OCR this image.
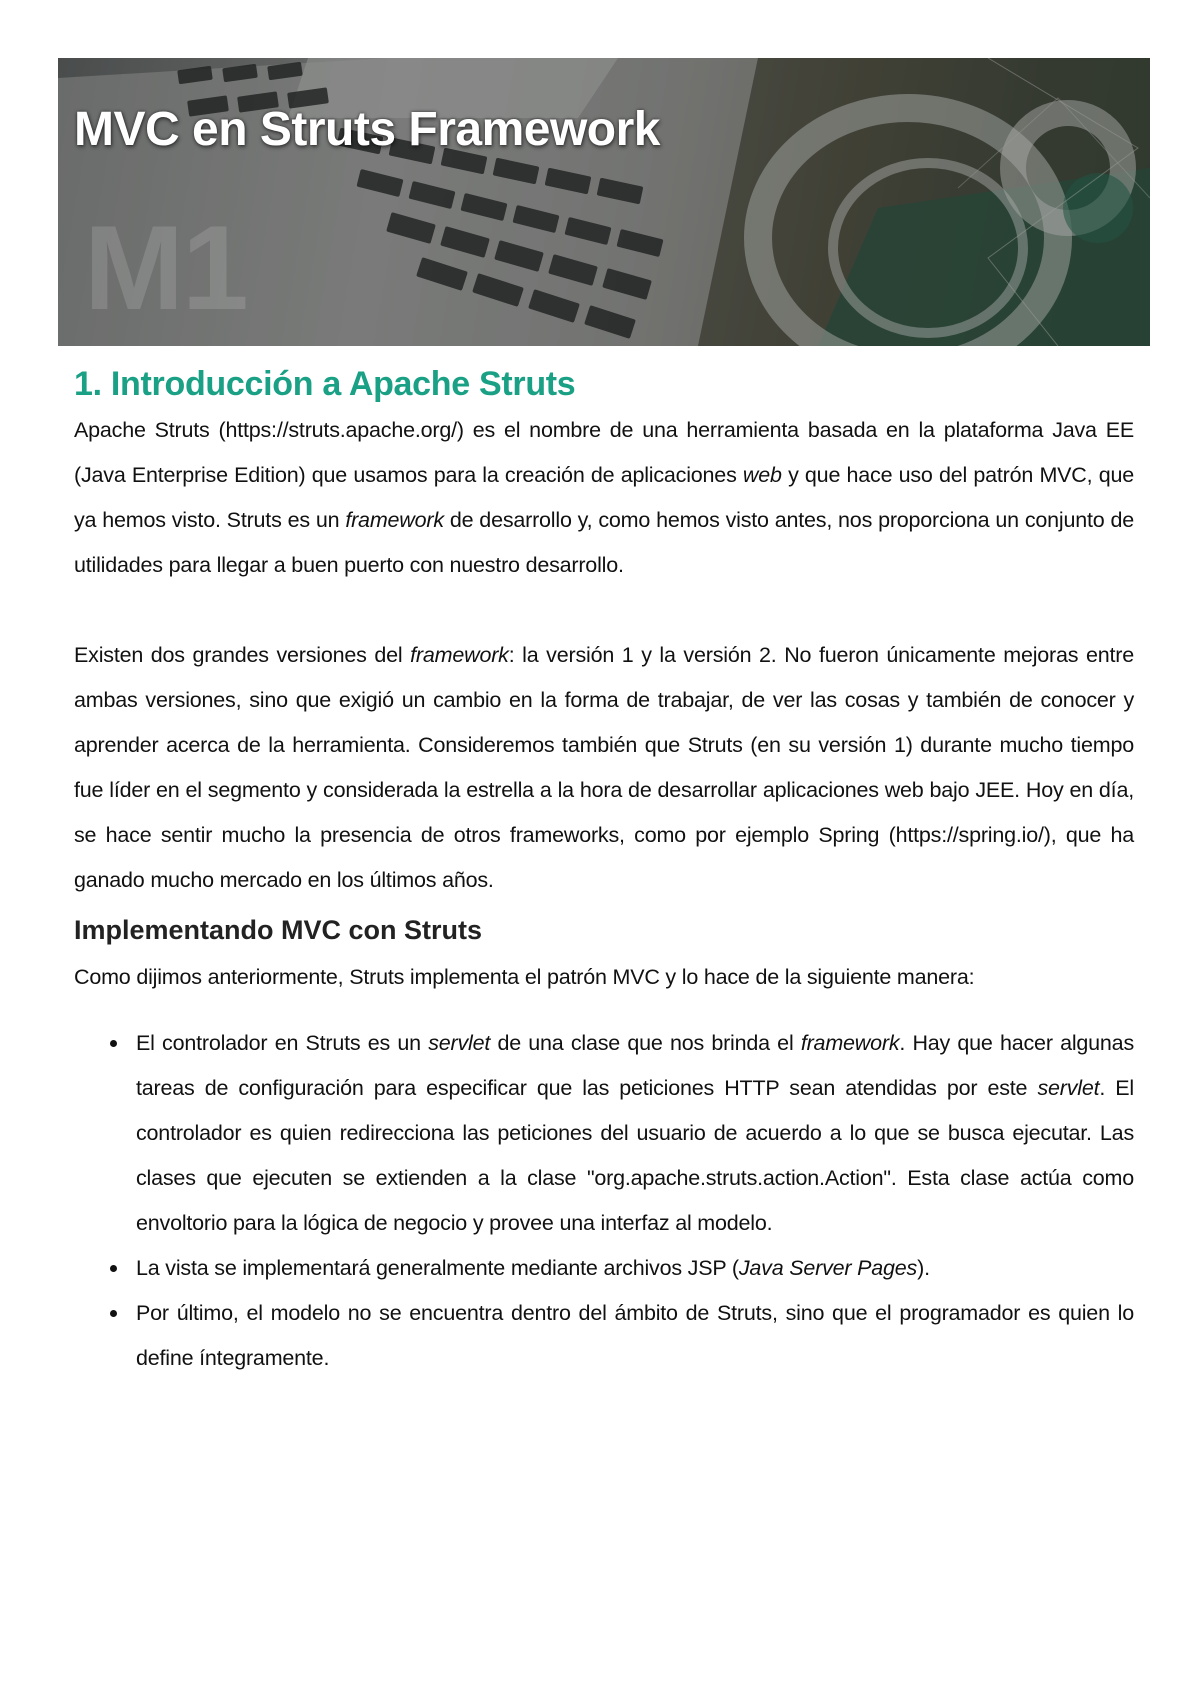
M1
MVC en Struts Framework
1. Introducción a Apache Struts

Apache Struts (https://struts.apache.org/) es el nombre de una herramienta basada en la plataforma Java EE (Java Enterprise Edition) que usamos para la creación de aplicaciones web y que hace uso del patrón MVC, que ya hemos visto. Struts es un framework de desarrollo y, como hemos visto antes, nos proporciona un conjunto de utilidades para llegar a buen puerto con nuestro desarrollo.

Existen dos grandes versiones del framework: la versión 1 y la versión 2. No fueron únicamente mejoras entre ambas versiones, sino que exigió un cambio en la forma de trabajar, de ver las cosas y también de conocer y aprender acerca de la herramienta. Consideremos también que Struts (en su versión 1) durante mucho tiempo fue líder en el segmento y considerada la estrella a la hora de desarrollar aplicaciones web bajo JEE. Hoy en día, se hace sentir mucho la presencia de otros frameworks, como por ejemplo Spring (https://spring.io/), que ha ganado mucho mercado en los últimos años.

Implementando MVC con Struts

Como dijimos anteriormente, Struts implementa el patrón MVC y lo hace de la siguiente manera:

El controlador en Struts es un servlet de una clase que nos brinda el framework. Hay que hacer algunas tareas de configuración para especificar que las peticiones HTTP sean atendidas por este servlet. El controlador es quien redirecciona las peticiones del usuario de acuerdo a lo que se busca ejecutar. Las clases que ejecuten se extienden a la clase "org.apache.struts.action.Action". Esta clase actúa como envoltorio para la lógica de negocio y provee una interfaz al modelo.
La vista se implementará generalmente mediante archivos JSP (Java Server Pages).
Por último, el modelo no se encuentra dentro del ámbito de Struts, sino que el programador es quien lo define íntegramente.
